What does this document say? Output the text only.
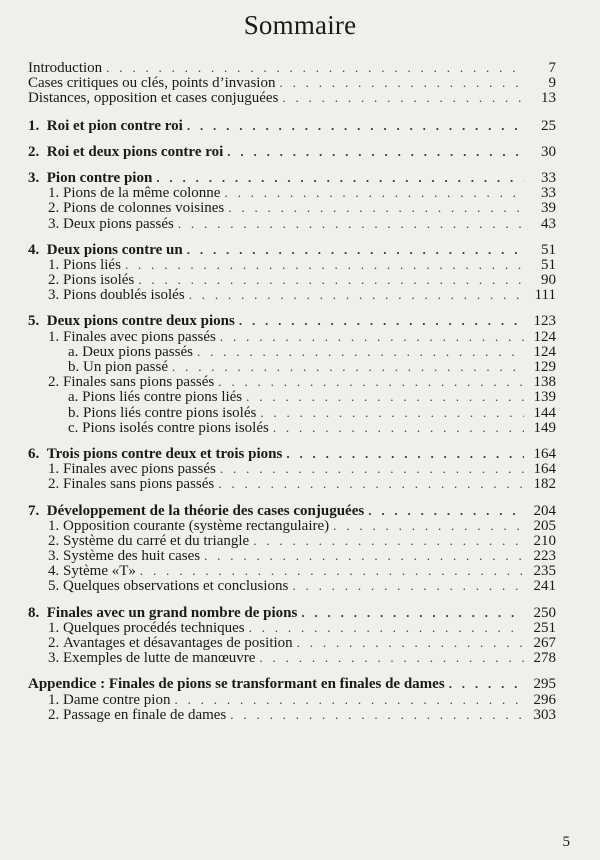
Sommaire
Introduction . . .	7
Cases critiques ou clés, points d’invasion . . .	9
Distances, opposition et cases conjuguées . . .	13
1.  Roi et pion contre roi . . .	25
2.  Roi et deux pions contre roi . . .	30
3.  Pion contre pion . . .	33
1. Pions de la même colonne . . .	33
2. Pions de colonnes voisines . . .	39
3. Deux pions passés . . .	43
4.  Deux pions contre un . . .	51
1. Pions liés . . .	51
2. Pions isolés . . .	90
3. Pions doublés isolés . . .	111
5.  Deux pions contre deux pions . . .	123
1. Finales avec pions passés . . .	124
a. Deux pions passés . . .	124
b. Un pion passé . . .	129
2. Finales sans pions passés . . .	138
a. Pions liés contre pions liés . . .	139
b. Pions liés contre pions isolés . . .	144
c. Pions isolés contre pions isolés . . .	149
6.  Trois pions contre deux et trois pions . . .	164
1. Finales avec pions passés . . .	164
2. Finales sans pions passés . . .	182
7.  Développement de la théorie des cases conjuguées . . .	204
1. Opposition courante (système rectangulaire) . . .	205
2. Système du carré et du triangle . . .	210
3. Système des huit cases . . .	223
4. Sytème «T» . . .	235
5. Quelques observations et conclusions . . .	241
8.  Finales avec un grand nombre de pions . . .	250
1. Quelques procédés techniques . . .	251
2. Avantages et désavantages de position . . .	267
3. Exemples de lutte de manœuvre . . .	278
Appendice : Finales de pions se transformant en finales de dames . . .	295
1. Dame contre pion . . .	296
2. Passage en finale de dames . . .	303
5
